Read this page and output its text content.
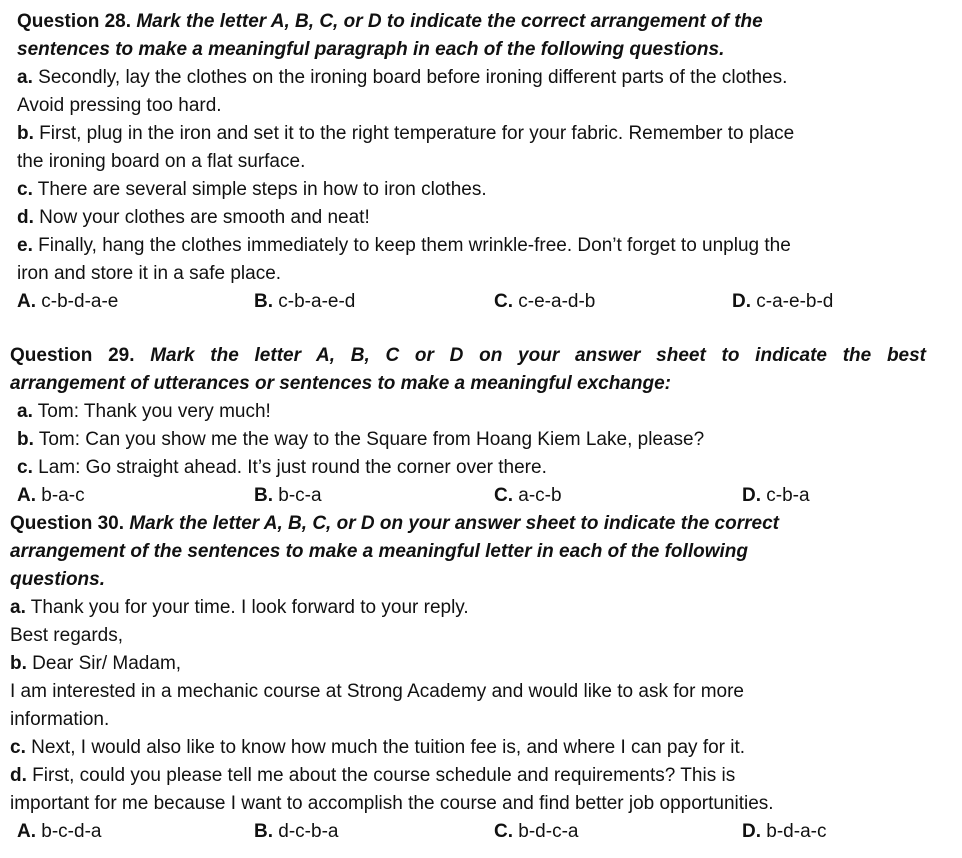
Question 28. Mark the letter A, B, C, or D to indicate the correct arrangement of the
sentences to make a meaningful paragraph in each of the following questions.
a. Secondly, lay the clothes on the ironing board before ironing different parts of the clothes.
Avoid pressing too hard.
b. First, plug in the iron and set it to the right temperature for your fabric. Remember to place
the ironing board on a flat surface.
c. There are several simple steps in how to iron clothes.
d. Now your clothes are smooth and neat!
e. Finally, hang the clothes immediately to keep them wrinkle-free. Don’t forget to unplug the
iron and store it in a safe place.
A. c-b-d-a-e	B. c-b-a-e-d	C. c-e-a-d-b	D. c-a-e-b-d
Question 29. Mark the letter A, B, C or D on your answer sheet to indicate the best
arrangement of utterances or sentences to make a meaningful exchange:
a. Tom: Thank you very much!
b. Tom: Can you show me the way to the Square from Hoang Kiem Lake, please?
c. Lam: Go straight ahead. It’s just round the corner over there.
A. b-a-c	B. b-c-a	C. a-c-b	D. c-b-a
Question 30. Mark the letter A, B, C, or D on your answer sheet to indicate the correct
arrangement of the sentences to make a meaningful letter in each of the following
questions.
a. Thank you for your time. I look forward to your reply.
Best regards,
b. Dear Sir/ Madam,
I am interested in a mechanic course at Strong Academy and would like to ask for more
information.
c. Next, I would also like to know how much the tuition fee is, and where I can pay for it.
d. First, could you please tell me about the course schedule and requirements? This is
important for me because I want to accomplish the course and find better job opportunities.
A. b-c-d-a	B. d-c-b-a	C. b-d-c-a	D. b-d-a-c
